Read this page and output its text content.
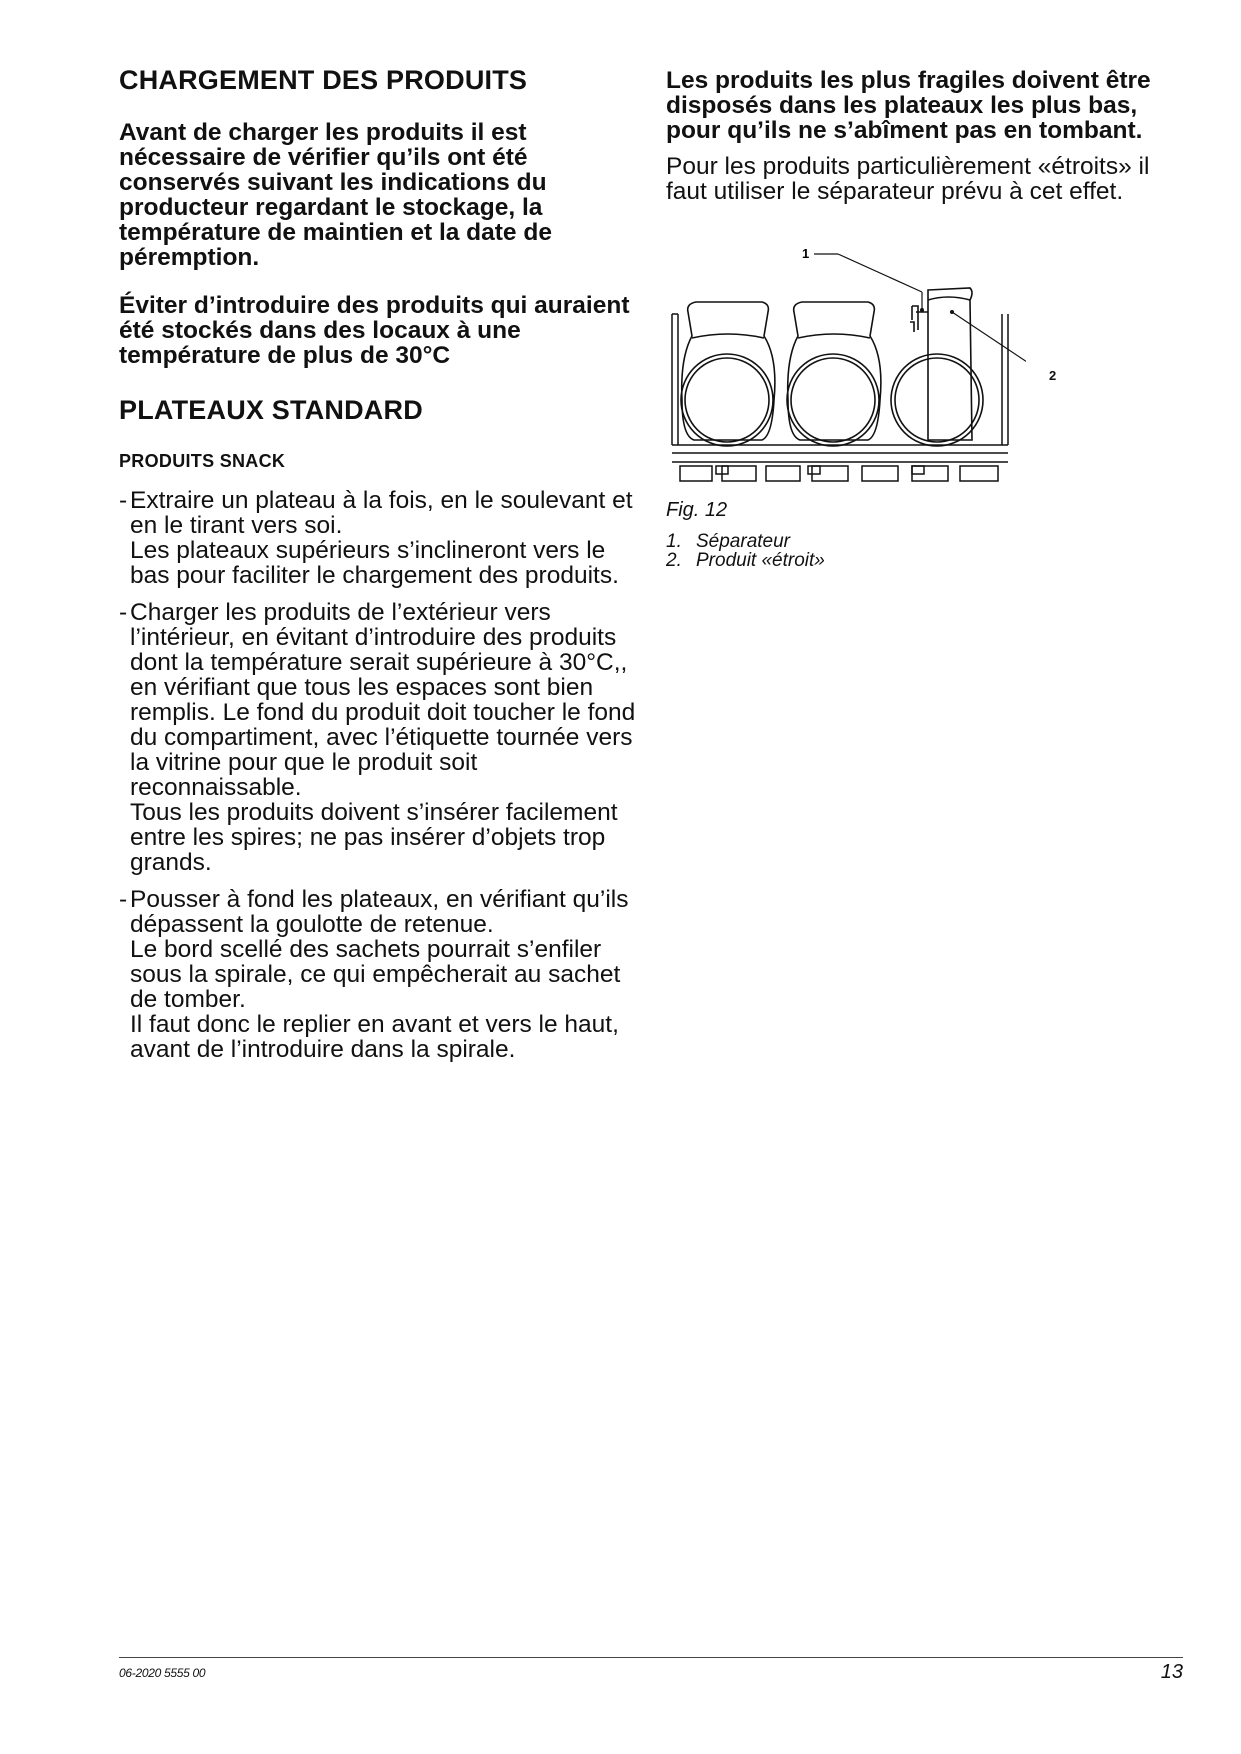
CHARGEMENT DES PRODUITS

Avant de charger les produits il est nécessaire de vérifier qu’ils ont été conservés suivant les indications du producteur regardant le stockage, la température de maintien et la date de péremption.

Éviter d’introduire des produits qui auraient été stockés dans des locaux à une température de plus de 30°C

PLATEAUX STANDARD
PRODUITS SNACK
- Extraire un plateau à la fois, en le soulevant et en le tirant vers soi.

Les plateaux supérieurs s’inclineront vers le bas pour faciliter le chargement des produits.

- Charger les produits de l’extérieur vers l’intérieur, en évitant d’introduire des produits dont la température serait supérieure à 30°C,, en vérifiant que tous les espaces sont bien remplis. Le fond du produit doit toucher le fond du compartiment, avec l’étiquette tournée vers la vitrine pour que le produit soit reconnaissable.

Tous les produits doivent s’insérer facilement entre les spires; ne pas insérer d’objets trop grands.

- Pousser à fond les plateaux, en vérifiant qu’ils dépassent la goulotte de retenue.

Le bord scellé des sachets pourrait s’enfiler sous la spirale, ce qui empêcherait au sachet de tomber.

Il faut donc le replier en avant et vers le haut, avant de l’introduire dans la spirale.

Les produits les plus fragiles doivent être disposés dans les plateaux les plus bas, pour qu’ils ne s’abîment pas en tombant.

Pour les produits particulièrement «étroits» il faut utiliser le séparateur prévu à cet effet.

1
2
Fig. 12
1. Séparateur
2. Produit «étroit»
06-2020 5555 00	13
